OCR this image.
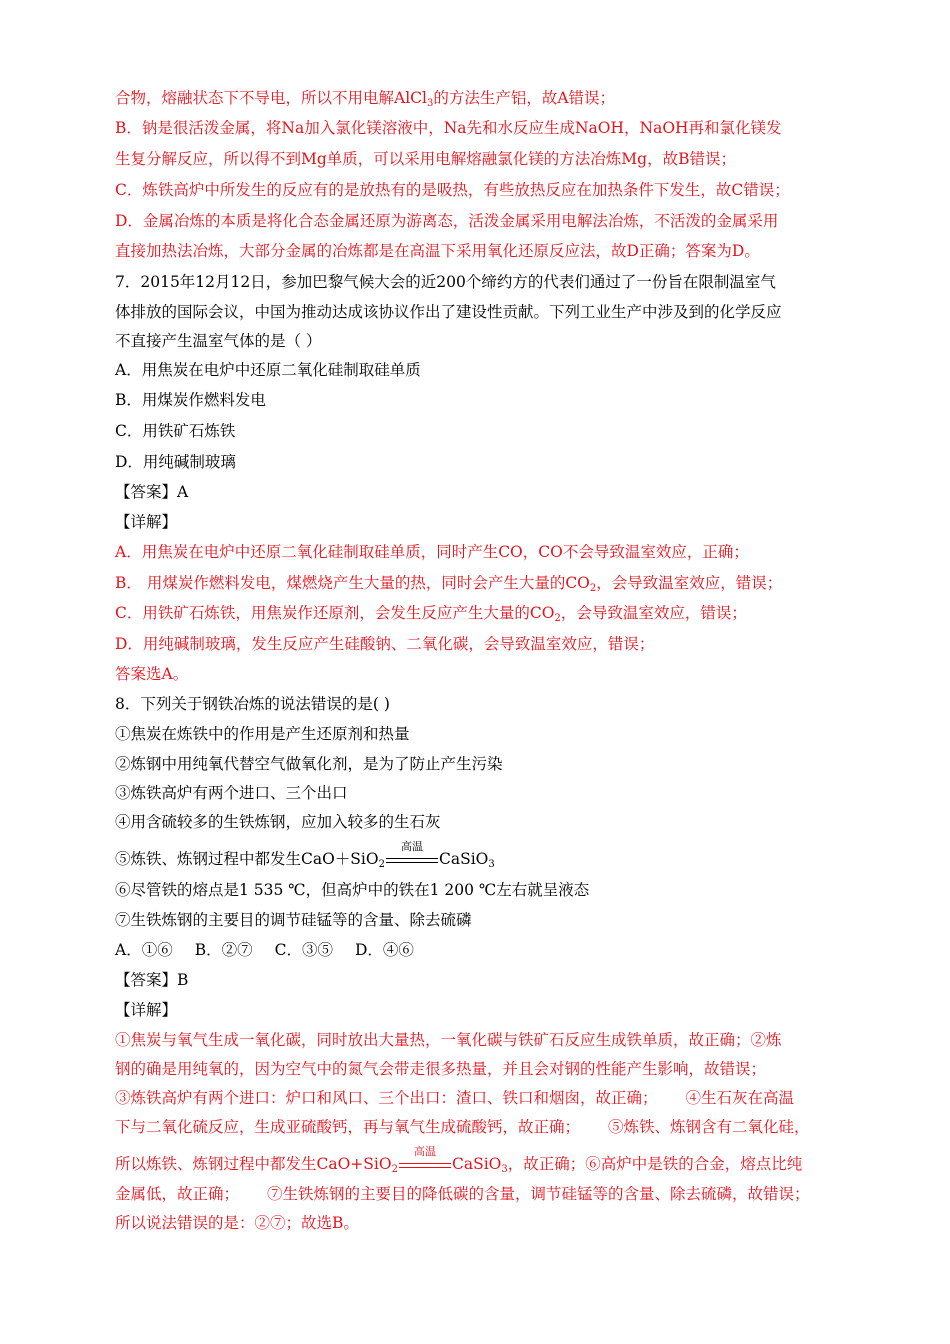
合物，熔融状态下不导电，所以不用电解AlCl$_3$的方法生产铝，故A错误；
B．钠是很活泼金属，将Na加入氯化镁溶液中，Na先和水反应生成NaOH，NaOH再和氯化镁发
生复分解反应，所以得不到Mg单质，可以采用电解熔融氯化镁的方法冶炼Mg，故B错误；
C．炼铁高炉中所发生的反应有的是放热有的是吸热，有些放热反应在加热条件下发生，故C错误；
D．金属冶炼的本质是将化合态金属还原为游离态，活泼金属采用电解法冶炼，不活泼的金属采用
直接加热法冶炼，大部分金属的冶炼都是在高温下采用氧化还原反应法，故D正确；答案为D。
7．2015年12月12日，参加巴黎气候大会的近200个缔约方的代表们通过了一份旨在限制温室气
体排放的国际会议，中国为推动达成该协议作出了建设性贡献。下列工业生产中涉及到的化学反应
不直接产生温室气体的是（ ）
A．用焦炭在电炉中还原二氧化硅制取硅单质
B．用煤炭作燃料发电
C．用铁矿石炼铁
D．用纯碱制玻璃
【答案】A
【详解】
A．用焦炭在电炉中还原二氧化硅制取硅单质，同时产生CO，CO不会导致温室效应，正确；
B． 用煤炭作燃料发电，煤燃烧产生大量的热，同时会产生大量的$CO_2$，会导致温室效应，错误；
C．用铁矿石炼铁，用焦炭作还原剂，会发生反应产生大量的$CO_2$，会导致温室效应，错误；
D．用纯碱制玻璃，发生反应产生硅酸钠、二氧化碳，会导致温室效应，错误；
答案选A。
8．下列关于钢铁冶炼的说法错误的是( )
①焦炭在炼铁中的作用是产生还原剂和热量
②炼钢中用纯氧代替空气做氧化剂，是为了防止产生污染
③炼铁高炉有两个进口、三个出口
④用含硫较多的生铁炼钢，应加入较多的生石灰
⑤炼铁、炼钢过程中都发生CaO＋SiO$_2$
高温
CaSiO$_3$
⑥尽管铁的熔点是1 535 ℃，但高炉中的铁在1 200 ℃左右就呈液态
⑦生铁炼钢的主要目的调节硅锰等的含量、除去硫磷
A．①⑥ B．②⑦ C．③⑤ D．④⑥
【答案】B
【详解】
①焦炭与氧气生成一氧化碳，同时放出大量热，一氧化碳与铁矿石反应生成铁单质，故正确；②炼
钢的确是用纯氧的，因为空气中的氮气会带走很多热量，并且会对钢的性能产生影响，故错误；
③炼铁高炉有两个进口：炉口和风口、三个出口：渣口、铁口和烟囱，故正确； ④生石灰在高温
下与二氧化硫反应，生成亚硫酸钙，再与氧气生成硫酸钙，故正确； ⑤炼铁、炼钢含有二氧化硅，
所以炼铁、炼钢过程中都发生CaO+SiO$_2$
高温
CaSiO$_3$，故正确；⑥高炉中是铁的合金，熔点比纯
金属低，故正确； ⑦生铁炼钢的主要目的降低碳的含量，调节硅锰等的含量、除去硫磷，故错误；
所以说法错误的是：②⑦；故选B。
